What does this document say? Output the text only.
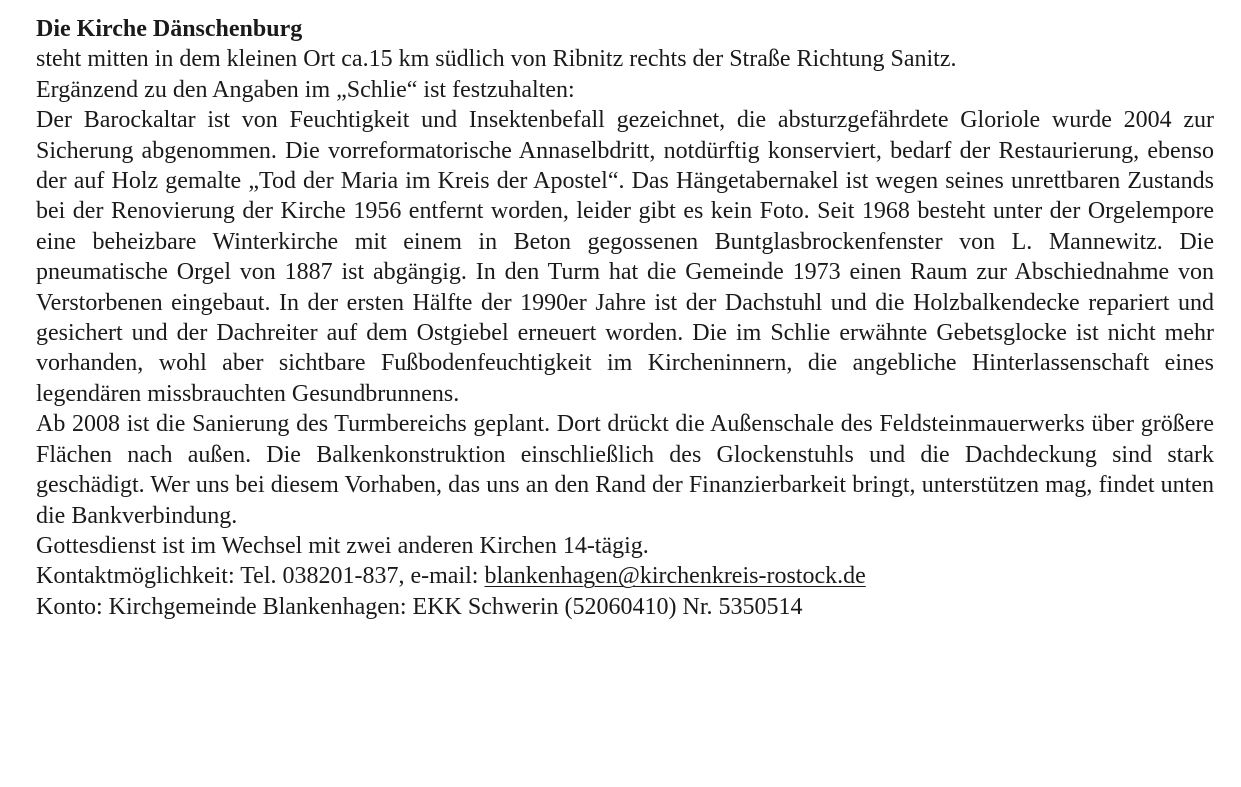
Die Kirche Dänschenburg

steht mitten in dem kleinen Ort ca.15 km südlich von Ribnitz rechts der Straße Richtung Sanitz.

Ergänzend zu den Angaben im „Schlie“ ist festzuhalten:

Der Barockaltar ist von Feuchtigkeit und Insektenbefall gezeichnet, die absturzgefährdete Gloriole wurde 2004 zur Sicherung abgenommen. Die vorreformatorische Annaselbdritt, notdürftig konserviert, bedarf der Restaurierung, ebenso der auf Holz gemalte „Tod der Maria im Kreis der Apostel“. Das Hängetabernakel ist wegen seines unrettbaren Zustands bei der Renovierung der Kirche 1956 entfernt worden, leider gibt es kein Foto. Seit 1968 besteht unter der Orgelempore eine beheizbare Winterkirche mit einem in Beton gegossenen Buntglasbrockenfenster von L. Mannewitz. Die pneumatische Orgel von 1887 ist abgängig. In den Turm hat die Gemeinde 1973 einen Raum zur Abschiednahme von Verstorbenen eingebaut. In der ersten Hälfte der 1990er Jahre ist der Dachstuhl und die Holzbalkendecke repariert und gesichert und der Dachreiter auf dem Ostgiebel erneuert worden. Die im Schlie erwähnte Gebetsglocke ist nicht mehr vorhanden, wohl aber sichtbare Fußbodenfeuchtigkeit im Kircheninnern, die angebliche Hinterlassenschaft eines legendären missbrauchten Gesundbrunnens.

Ab 2008 ist die Sanierung des Turmbereichs geplant. Dort drückt die Außenschale des Feldsteinmauerwerks über größere Flächen nach außen. Die Balkenkonstruktion einschließlich des Glockenstuhls und die Dachdeckung sind stark geschädigt. Wer uns bei diesem Vorhaben, das uns an den Rand der Finanzierbarkeit bringt, unterstützen mag, findet unten die Bankverbindung.

Gottesdienst ist im Wechsel mit zwei anderen Kirchen 14-tägig.

Kontaktmöglichkeit: Tel. 038201-837, e-mail: blankenhagen@kirchenkreis-rostock.de

Konto: Kirchgemeinde Blankenhagen: EKK Schwerin (52060410) Nr. 5350514
